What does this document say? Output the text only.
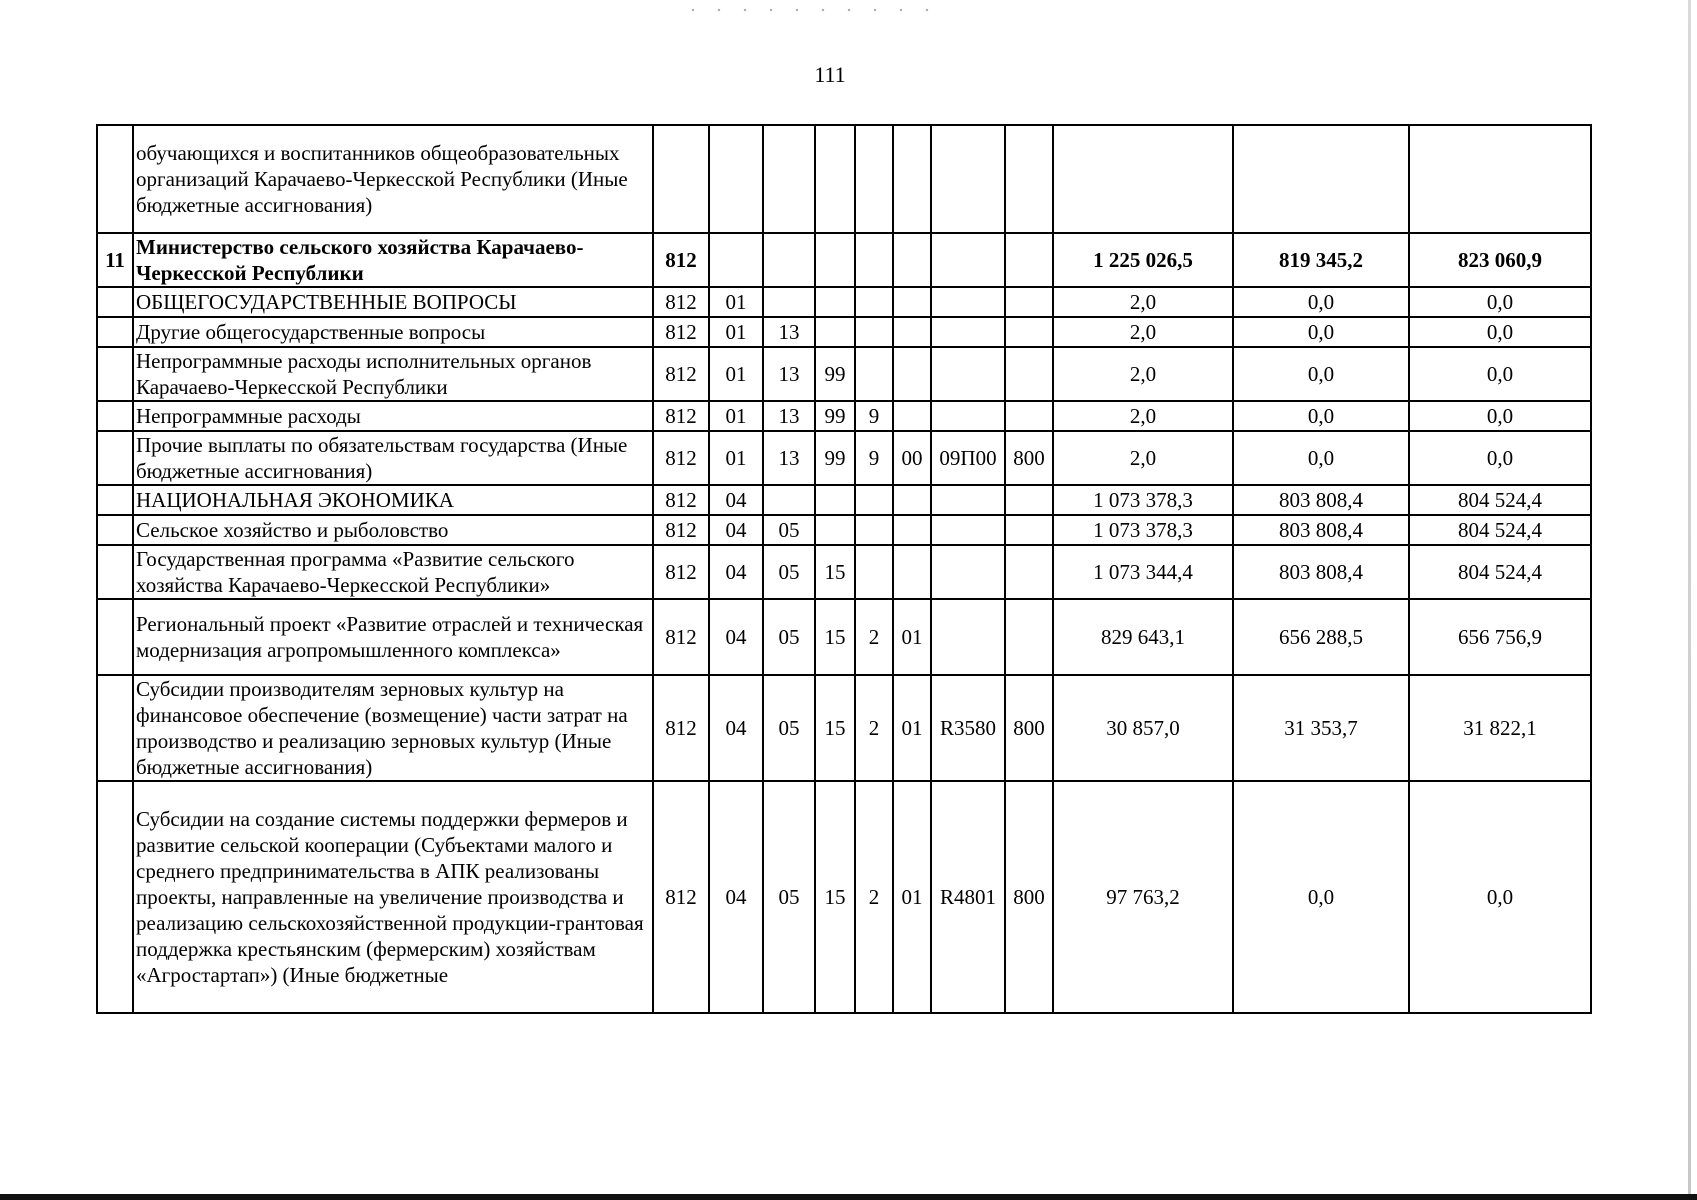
111
	обучающихся и воспитанников общеобразовательных организаций Карачаево-Черкесской Республики (Иные бюджетные ассигнования)											
11	Министерство сельского хозяйства Карачаево-Черкесской Республики	812								1 225 026,5	819 345,2	823 060,9
	ОБЩЕГОСУДАРСТВЕННЫЕ ВОПРОСЫ	812	01							2,0	0,0	0,0
	Другие общегосударственные вопросы	812	01	13						2,0	0,0	0,0
	Непрограммные расходы исполнительных органов Карачаево-Черкесской Республики	812	01	13	99					2,0	0,0	0,0
	Непрограммные расходы	812	01	13	99	9				2,0	0,0	0,0
	Прочие выплаты по обязательствам государства (Иные бюджетные ассигнования)	812	01	13	99	9	00	09П00	800	2,0	0,0	0,0
	НАЦИОНАЛЬНАЯ ЭКОНОМИКА	812	04							1 073 378,3	803 808,4	804 524,4
	Сельское хозяйство и рыболовство	812	04	05						1 073 378,3	803 808,4	804 524,4
	Государственная программа «Развитие сельского хозяйства Карачаево-Черкесской Республики»	812	04	05	15					1 073 344,4	803 808,4	804 524,4
	Региональный проект «Развитие отраслей и техническая модернизация агропромышленного комплекса»	812	04	05	15	2	01			829 643,1	656 288,5	656 756,9
	Субсидии производителям зерновых культур на финансовое обеспечение (возмещение) части затрат на производство и реализацию зерновых культур (Иные бюджетные ассигнования)	812	04	05	15	2	01	R3580	800	30 857,0	31 353,7	31 822,1
	Субсидии на создание системы поддержки фермеров и развитие сельской кооперации (Субъектами малого и среднего предпринимательства в АПК реализованы проекты, направленные на увеличение производства и реализацию сельскохозяйственной продукции-грантовая поддержка крестьянским (фермерским) хозяйствам «Агростартап») (Иные бюджетные	812	04	05	15	2	01	R4801	800	97 763,2	0,0	0,0
